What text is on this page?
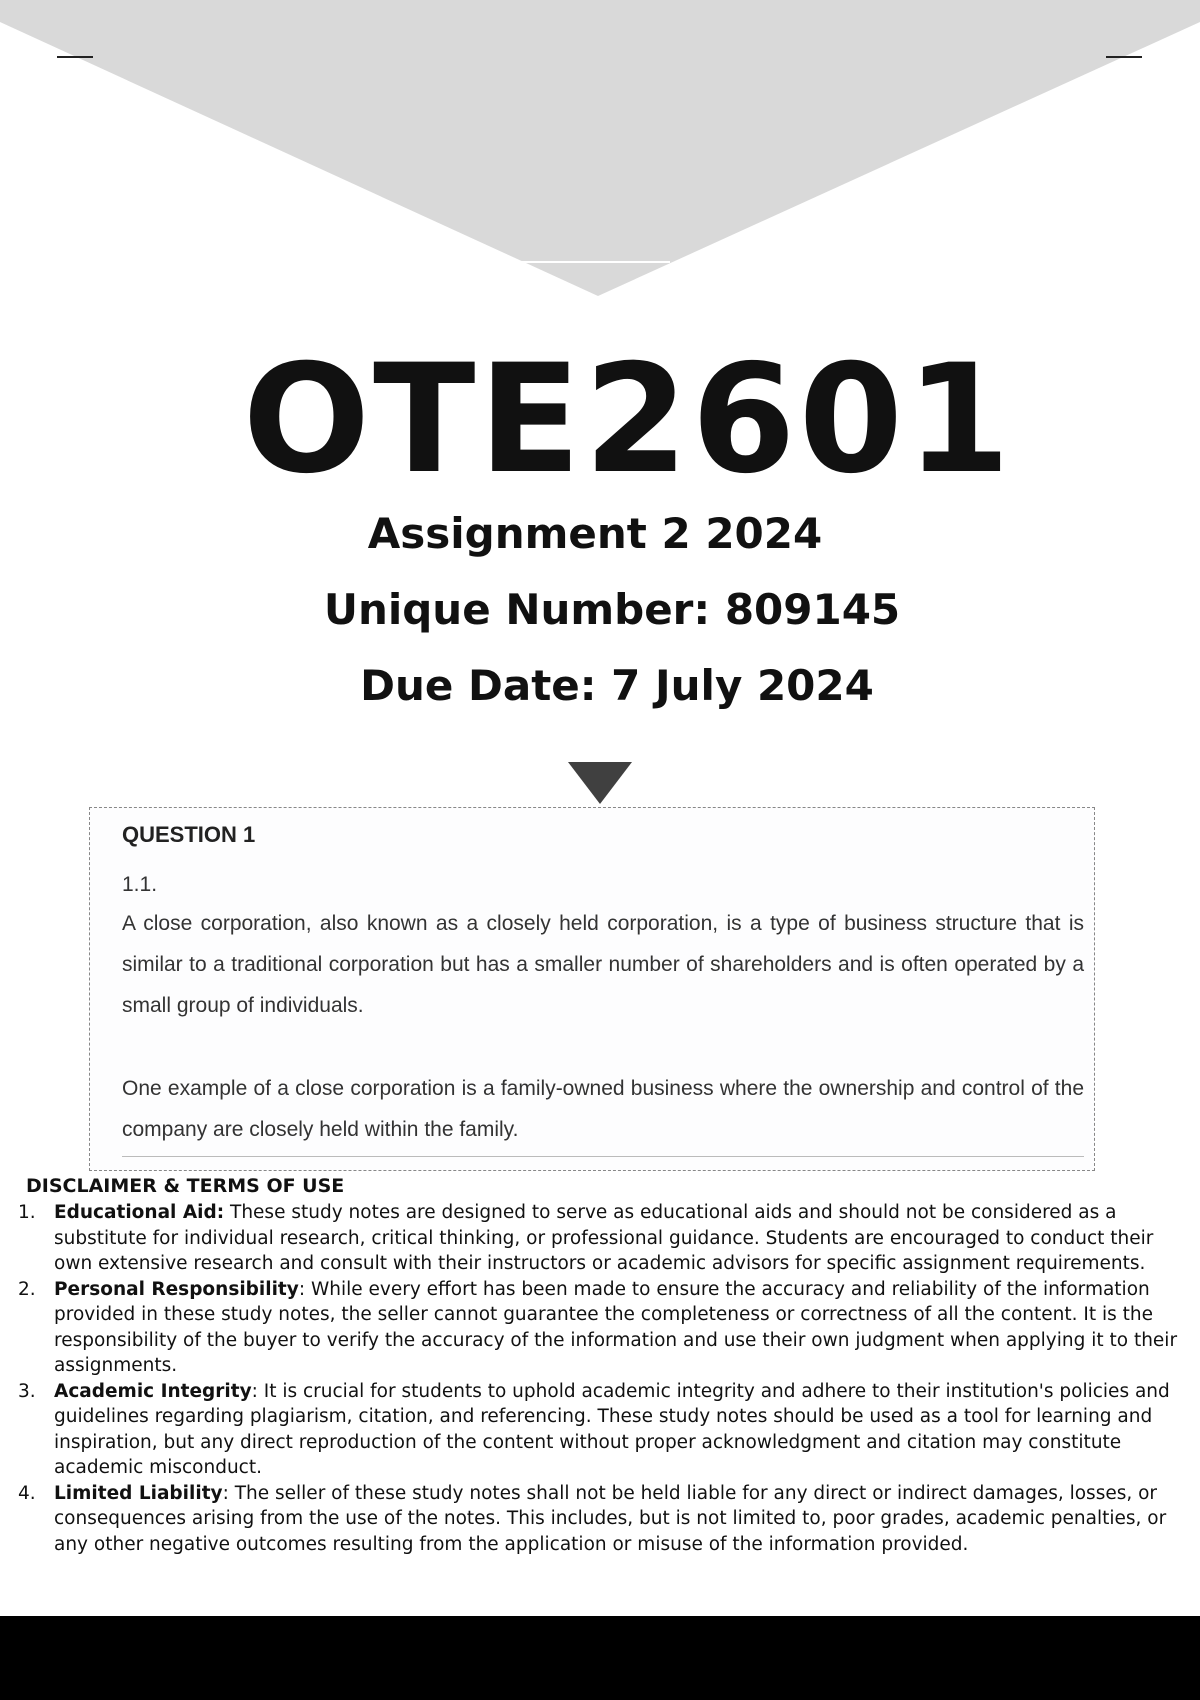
OTE2601
Assignment 2 2024
Unique Number: 809145
Due Date: 7 July 2024
QUESTION 1
1.1.

A close corporation, also known as a closely held corporation, is a type of business structure that is similar to a traditional corporation but has a smaller number of shareholders and is often operated by a small group of individuals.

One example of a close corporation is a family-owned business where the ownership and control of the company are closely held within the family.

DISCLAIMER & TERMS OF USE
1. Educational Aid: These study notes are designed to serve as educational aids and should not be considered as a substitute for individual research, critical thinking, or professional guidance. Students are encouraged to conduct their own extensive research and consult with their instructors or academic advisors for specific assignment requirements.
2. Personal Responsibility: While every effort has been made to ensure the accuracy and reliability of the information provided in these study notes, the seller cannot guarantee the completeness or correctness of all the content. It is the responsibility of the buyer to verify the accuracy of the information and use their own judgment when applying it to their assignments.
3. Academic Integrity: It is crucial for students to uphold academic integrity and adhere to their institution's policies and guidelines regarding plagiarism, citation, and referencing. These study notes should be used as a tool for learning and inspiration, but any direct reproduction of the content without proper acknowledgment and citation may constitute academic misconduct.
4. Limited Liability: The seller of these study notes shall not be held liable for any direct or indirect damages, losses, or consequences arising from the use of the notes. This includes, but is not limited to, poor grades, academic penalties, or any other negative outcomes resulting from the application or misuse of the information provided.
